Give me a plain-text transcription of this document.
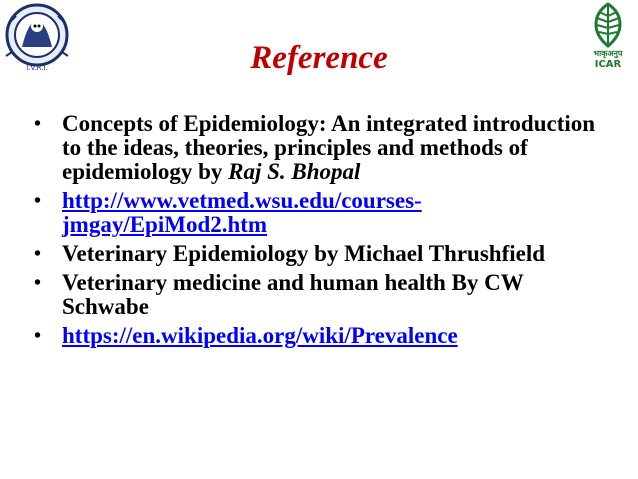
I.V.R.I.
भाकृअनुप
ICAR
Reference
• Concepts of Epidemiology: An integrated introduction to the ideas, theories, principles and methods of epidemiology by Raj S. Bhopal
• http://www.vetmed.wsu.edu/courses-
jmgay/EpiMod2.htm
• Veterinary Epidemiology by Michael Thrushfield
• Veterinary medicine and human health By CW Schwabe
• https://en.wikipedia.org/wiki/Prevalence
